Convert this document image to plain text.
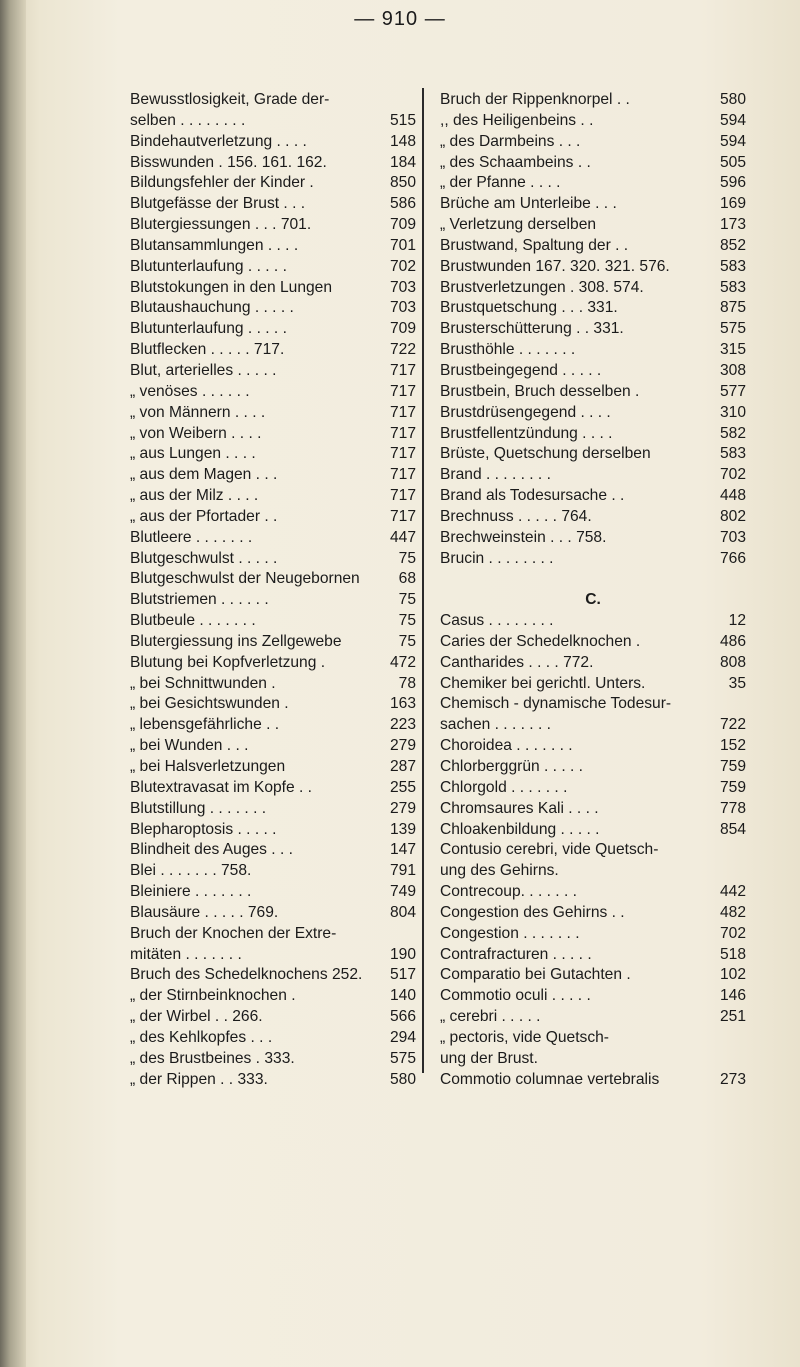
— 910 —
Bewusstlosigkeit, Grade der-
selben . . . . . . . .	515
Bindehautverletzung . . . .	148
Bisswunden . 156. 161. 162.	184
Bildungsfehler der Kinder .	850
Blutgefässe der Brust . . .	586
Blutergiessungen . . . 701.	709
Blutansammlungen . . . .	701
Blutunterlaufung . . . . .	702
Blutstokungen in den Lungen	703
Blutaushauchung . . . . .	703
Blutunterlaufung . . . . .	709
Blutflecken . . . . . 717.	722
Blut, arterielles . . . . .	717
„ venöses . . . . . .	717
„ von Männern . . . .	717
„ von Weibern . . . .	717
„ aus Lungen . . . .	717
„ aus dem Magen . . .	717
„ aus der Milz . . . .	717
„ aus der Pfortader . .	717
Blutleere . . . . . . .	447
Blutgeschwulst . . . . .	75
Blutgeschwulst der Neugebornen	68
Blutstriemen . . . . . .	75
Blutbeule . . . . . . .	75
Blutergiessung ins Zellgewebe	75
Blutung bei Kopfverletzung .	472
„ bei Schnittwunden .	78
„ bei Gesichtswunden .	163
„ lebensgefährliche . .	223
„ bei Wunden . . .	279
„ bei Halsverletzungen	287
Blutextravasat im Kopfe . .	255
Blutstillung . . . . . . .	279
Blepharoptosis . . . . .	139
Blindheit des Auges . . .	147
Blei . . . . . . . 758.	791
Bleiniere . . . . . . .	749
Blausäure . . . . . 769.	804
Bruch der Knochen der Extre-
mitäten . . . . . . .	190
Bruch des Schedelknochens 252.	517
„ der Stirnbeinknochen .	140
„ der Wirbel . . 266.	566
„ des Kehlkopfes . . .	294
„ des Brustbeines . 333.	575
„ der Rippen . . 333.	580
Bruch der Rippenknorpel . .	580
,, des Heiligenbeins . .	594
„ des Darmbeins . . .	594
„ des Schaambeins . .	505
„ der Pfanne . . . .	596
Brüche am Unterleibe . . .	169
„ Verletzung derselben	173
Brustwand, Spaltung der . .	852
Brustwunden 167. 320. 321. 576.	583
Brustverletzungen . 308. 574.	583
Brustquetschung . . . 331.	875
Brusterschütterung . . 331.	575
Brusthöhle . . . . . . .	315
Brustbeingegend . . . . .	308
Brustbein, Bruch desselben .	577
Brustdrüsengegend . . . .	310
Brustfellentzündung . . . .	582
Brüste, Quetschung derselben	583
Brand . . . . . . . .	702
Brand als Todesursache . .	448
Brechnuss . . . . . 764.	802
Brechweinstein . . . 758.	703
Brucin . . . . . . . .	766
C.
Casus . . . . . . . .	12
Caries der Schedelknochen .	486
Cantharides . . . . 772.	808
Chemiker bei gerichtl. Unters.	35
Chemisch - dynamische Todesur-
sachen . . . . . . .	722
Choroidea . . . . . . .	152
Chlorberggrün . . . . .	759
Chlorgold . . . . . . .	759
Chromsaures Kali . . . .	778
Chloakenbildung . . . . .	854
Contusio cerebri, vide Quetsch-
ung des Gehirns.
Contrecoup. . . . . . .	442
Congestion des Gehirns . .	482
Congestion . . . . . . .	702
Contrafracturen . . . . .	518
Comparatio bei Gutachten .	102
Commotio oculi . . . . .	146
„ cerebri . . . . .	251
„ pectoris, vide Quetsch-
ung der Brust.
Commotio columnae vertebralis	273
